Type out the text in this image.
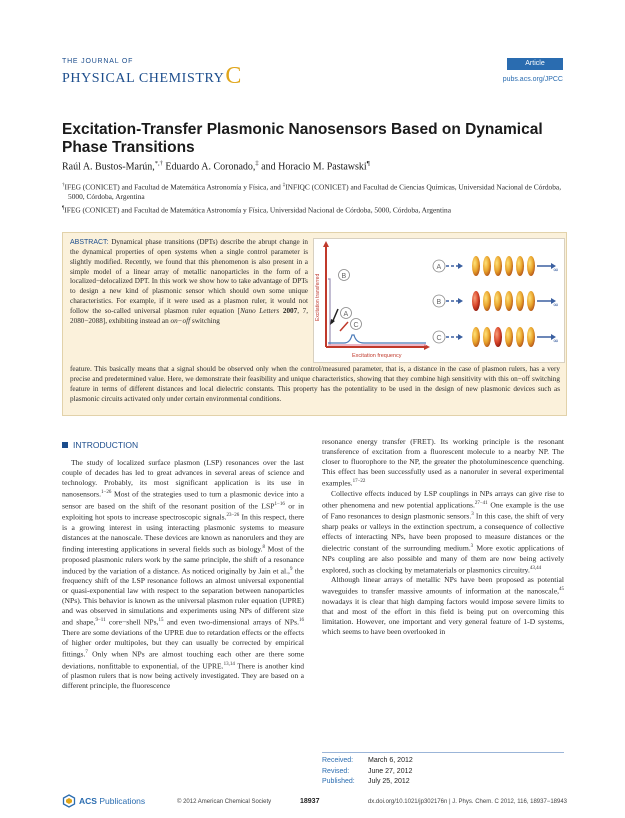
THE JOURNAL OF
PHYSICAL CHEMISTRY C	Article
pubs.acs.org/JPCC
Excitation-Transfer Plasmonic Nanosensors Based on Dynamical Phase Transitions
Raúl A. Bustos-Marún,*,† Eduardo A. Coronado,‡ and Horacio M. Pastawski¶

†IFEG (CONICET) and Facultad de Matemática Astronomía y Física, and ‡INFIQC (CONICET) and Facultad de Ciencias Químicas, Universidad Nacional de Córdoba, 5000, Córdoba, Argentina

¶IFEG (CONICET) and Facultad de Matemática Astronomía y Física, Universidad Nacional de Córdoba, 5000, Córdoba, Argentina

ABSTRACT: Dynamical phase transitions (DPTs) describe the abrupt change in the dynamical properties of open systems when a single control parameter is slightly modified. Recently, we found that this phenomenon is also present in a simple model of a linear array of metallic nanoparticles in the form of a localized−delocalized DPT. In this work we show how to take advantage of DPTs to design a new kind of plasmonic sensor which should own some unique characteristics. For example, if it were used as a plasmon ruler, it would not follow the so-called universal plasmon ruler equation [Nano Letters 2007, 7, 2080−2088], exhibiting instead an on−off switching	Excitation transferred
Excitation frequency
B
A
C
A	∞
B	∞
C	∞
feature. This basically means that a signal should be observed only when the control/measured parameter, that is, a distance in the case of plasmon rulers, has a very precise and predetermined value. Here, we demonstrate their feasibility and unique characteristics, showing that they combine high sensitivity with this on−off switching feature in terms of different distances and local dielectric constants. This property has the potentiality to be used in the design of new plasmonic devices such as plasmonic circuits activated only under certain environmental conditions.
INTRODUCTION

The study of localized surface plasmon (LSP) resonances over the last couple of decades has led to great advances in several areas of science and technology. Probably, its most significant application is its use in nanosensors.$^{1-26}$ Most of the strategies used to turn a plasmonic device into a sensor are based on the shift of the resonant position of the $LSP^{1-16}$ or in exploiting hot spots to increase spectroscopic signals.$^{23-26}$ In this respect, there is a growing interest in using interacting plasmonic systems to measure distances at the nanoscale. These devices are known as nanorulers and they are finding interesting applications in several fields such as biology.$^8$ Most of the proposed plasmonic rulers work by the same principle, the shift of a resonance induced by the variation of a distance. As noticed originally by Jain et al.,$^9$ the frequency shift of the LSP resonance follows an almost universal exponential or quasi-exponential law with respect to the separation between nanoparticles (NPs). This behavior is known as the universal plasmon ruler equation (UPRE) and was observed in simulations and experiments using NPs of different size and shape,$^{9-11}$ core−shell NPs,$^{15}$ and even two-dimensional arrays of NPs.$^{16}$ There are some deviations of the UPRE due to retardation effects or the effects of higher order multipoles, but they can usually be corrected by empirical fittings.$^7$ Only when NPs are almost touching each other are there some deviations, nonfittable to exponential, of the UPRE.$^{13,14}$ There is another kind of plasmon rulers that is now being actively investigated. They are based on a different principle, the fluorescence

resonance energy transfer (FRET). Its working principle is the resonant transference of excitation from a fluorescent molecule to a nearby NP. The closer to fluorophore to the NP, the greater the photoluminescence quenching. This effect has been successfully used as a nanoruler in several experimental examples.$^{17-22}$

Collective effects induced by LSP couplings in NPs arrays can give rise to other phenomena and new potential applications.$^{27-41}$ One example is the use of Fano resonances to design plasmonic sensors.$^3$ In this case, the shift of very sharp peaks or valleys in the extinction spectrum, a consequence of collective effects of interacting NPs, have been proposed to measure distances or the dielectric constant of the surrounding medium.$^3$ More exotic applications of NPs coupling are also possible and many of them are now being actively explored, such as clocking by metamaterials or plasmonics circuitry.$^{43,44}$

Although linear arrays of metallic NPs have been proposed as potential waveguides to transfer massive amounts of information at the nanoscale,$^{45}$ nowadays it is clear that high damping factors would impose severe limits to that and most of the effort in this field is being put on overcoming this limitation. However, one important and very general feature of 1-D systems, which seems to have been overlooked in

Received: March 6, 2012
Revised:	June 27, 2012
Published: July 25, 2012
ACS Publications	© 2012 American Chemical Society	18937	dx.doi.org/10.1021/jp302176n | J. Phys. Chem. C 2012, 116, 18937−18943
